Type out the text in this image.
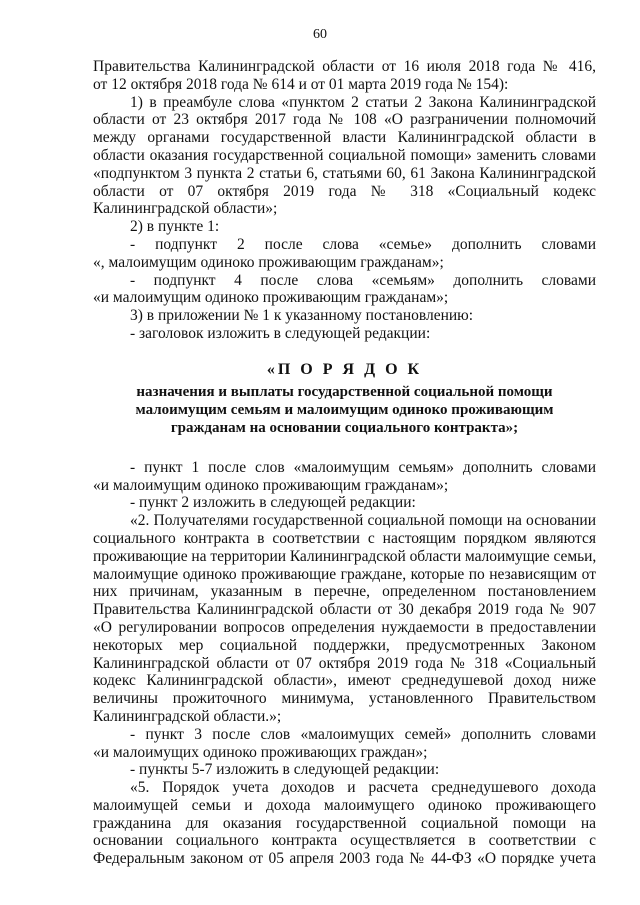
60
Правительства Калининградской области от 16 июля 2018 года № 416,
от 12 октября 2018 года № 614 и от 01 марта 2019 года № 154):
1) в преамбуле слова «пунктом 2 статьи 2 Закона Калининградской
области от 23 октября 2017 года № 108 «О разграничении полномочий
между органами государственной власти Калининградской области в
области оказания государственной социальной помощи» заменить словами
«подпунктом 3 пункта 2 статьи 6, статьями 60, 61 Закона Калининградской
области от 07 октября 2019 года № 318 «Социальный кодекс
Калининградской области»;
2) в пункте 1:
- подпункт 2 после слова «семье» дополнить словами
«, малоимущим одиноко проживающим гражданам»;
- подпункт 4 после слова «семьям» дополнить словами
«и малоимущим одиноко проживающим гражданам»;
3) в приложении № 1 к указанному постановлению:
- заголовок изложить в следующей редакции:
«П О Р Я Д О К
назначения и выплаты государственной социальной помощи
малоимущим семьям и малоимущим одиноко проживающим
гражданам на основании социального контракта»;
- пункт 1 после слов «малоимущим семьям» дополнить словами
«и малоимущим одиноко проживающим гражданам»;
- пункт 2 изложить в следующей редакции:
«2. Получателями государственной социальной помощи на основании
социального контракта в соответствии с настоящим порядком являются
проживающие на территории Калининградской области малоимущие семьи,
малоимущие одиноко проживающие граждане, которые по независящим от
них причинам, указанным в перечне, определенном постановлением
Правительства Калининградской области от 30 декабря 2019 года № 907
«О регулировании вопросов определения нуждаемости в предоставлении
некоторых мер социальной поддержки, предусмотренных Законом
Калининградской области от 07 октября 2019 года № 318 «Социальный
кодекс Калининградской области», имеют среднедушевой доход ниже
величины прожиточного минимума, установленного Правительством
Калининградской области.»;
- пункт 3 после слов «малоимущих семей» дополнить словами
«и малоимущих одиноко проживающих граждан»;
- пункты 5-7 изложить в следующей редакции:
«5. Порядок учета доходов и расчета среднедушевого дохода
малоимущей семьи и дохода малоимущего одиноко проживающего
гражданина для оказания государственной социальной помощи на
основании социального контракта осуществляется в соответствии с
Федеральным законом от 05 апреля 2003 года № 44-ФЗ «О порядке учета
